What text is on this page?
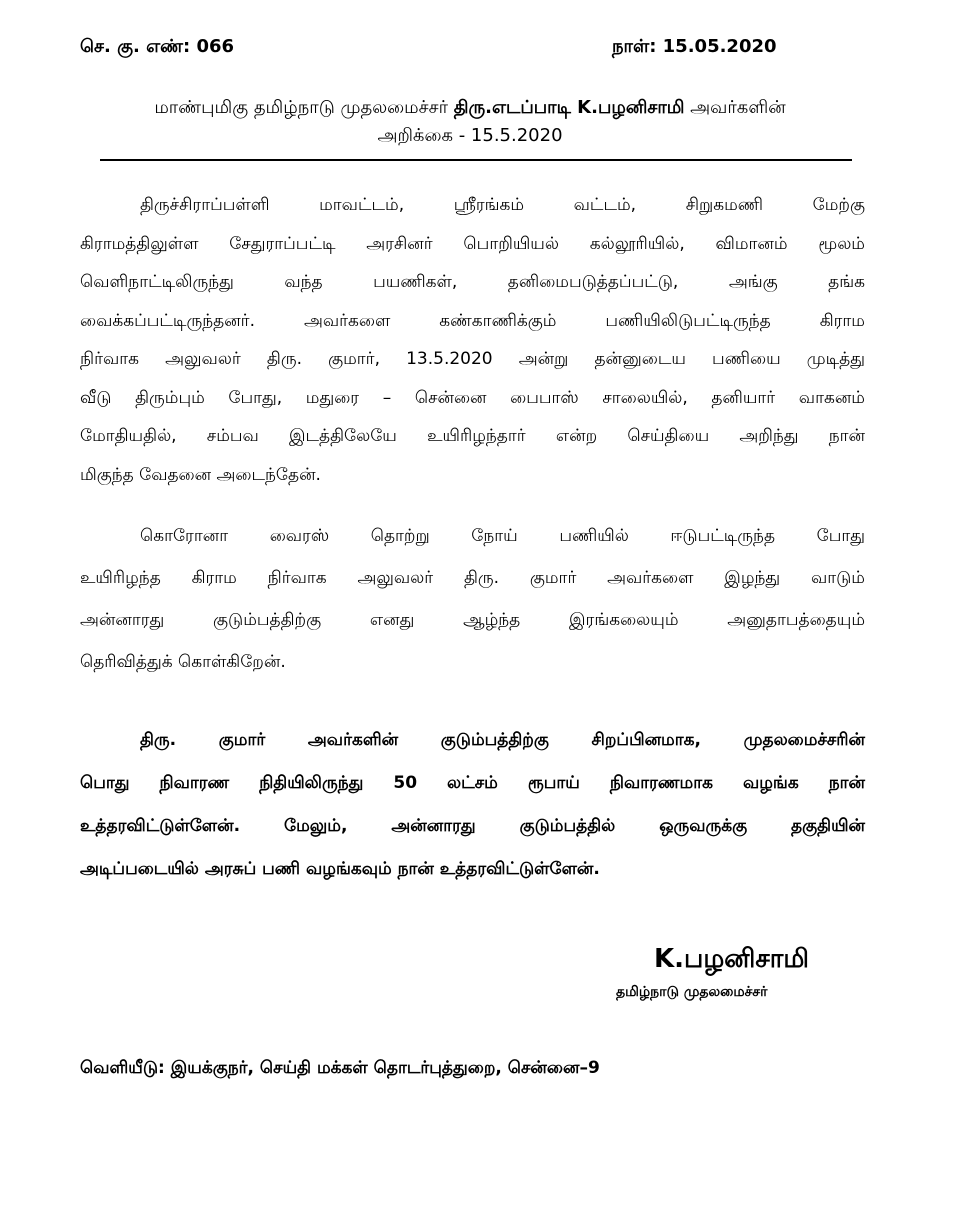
செ. கு. எண்: 066	நாள்: 15.05.2020
மாண்புமிகு தமிழ்நாடு முதலமைச்சர் திரு.எடப்பாடி K.பழனிசாமி அவர்களின்
அறிக்கை - 15.5.2020
திருச்சிராப்பள்ளி மாவட்டம், ஸ்ரீரங்கம் வட்டம், சிறுகமணி மேற்கு
கிராமத்திலுள்ள சேதுராப்பட்டி அரசினர் பொறியியல் கல்லூரியில், விமானம் மூலம்
வெளிநாட்டிலிருந்து வந்த பயணிகள், தனிமைபடுத்தப்பட்டு, அங்கு தங்க
வைக்கப்பட்டிருந்தனர். அவர்களை கண்காணிக்கும் பணியிலிடுபட்டிருந்த கிராம
நிர்வாக அலுவலர் திரு. குமார், 13.5.2020 அன்று தன்னுடைய பணியை முடித்து
வீடு திரும்பும் போது, மதுரை – சென்னை பைபாஸ் சாலையில், தனியார் வாகனம்
மோதியதில், சம்பவ இடத்திலேயே உயிரிழந்தார் என்ற செய்தியை அறிந்து நான்
மிகுந்த வேதனை அடைந்தேன்.
கொரோனா வைரஸ் தொற்று நோய் பணியில் ஈடுபட்டிருந்த போது
உயிரிழந்த கிராம நிர்வாக அலுவலர் திரு. குமார் அவர்களை இழந்து வாடும்
அன்னாரது குடும்பத்திற்கு எனது ஆழ்ந்த இரங்கலையும் அனுதாபத்தையும்
தெரிவித்துக் கொள்கிறேன்.
திரு. குமார் அவர்களின் குடும்பத்திற்கு சிறப்பினமாக, முதலமைச்சரின்
பொது நிவாரண நிதியிலிருந்து 50 லட்சம் ரூபாய் நிவாரணமாக வழங்க நான்
உத்தரவிட்டுள்ளேன். மேலும், அன்னாரது குடும்பத்தில் ஒருவருக்கு தகுதியின்
அடிப்படையில் அரசுப் பணி வழங்கவும் நான் உத்தரவிட்டுள்ளேன்.
K.பழனிசாமி
தமிழ்நாடு முதலமைச்சர்
வெளியீடு: இயக்குநர், செய்தி மக்கள் தொடர்புத்துறை, சென்னை–9
